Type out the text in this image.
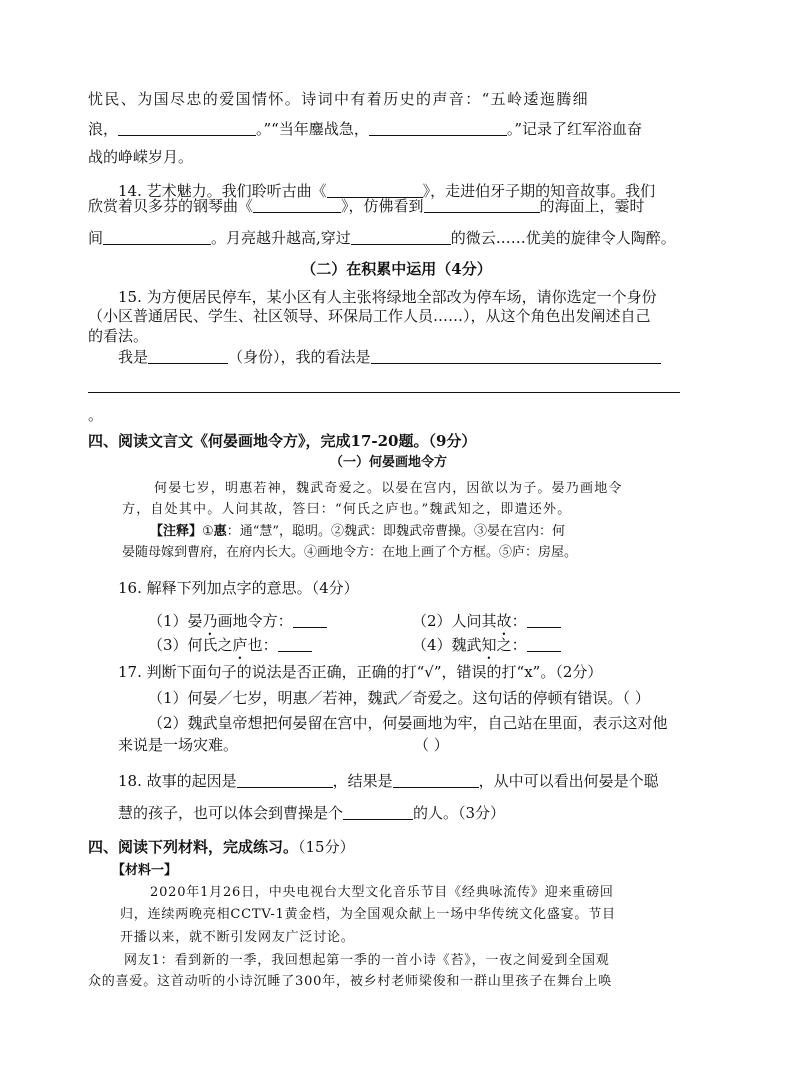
忧民、为国尽忠的爱国情怀。诗词中有着历史的声音：“五岭逶迤腾细
浪，	。”“当年鏖战急，	。”记录了红军浴血奋
战的峥嵘岁月。
14. 艺术魅力。我们聆听古曲《	》，走进伯牙子期的知音故事。我们
欣赏着贝多芬的钢琴曲《	》，仿佛看到	的海面上，霎时
间	。月亮越升越高,穿过	的微云……优美的旋律令人陶醉。
（二）在积累中运用（4分）
15. 为方便居民停车，某小区有人主张将绿地全部改为停车场，请你选定一个身份
（小区普通居民、学生、社区领导、环保局工作人员……），从这个角色出发阐述自己
的看法。
我是	（身份），我的看法是
。
四、阅读文言文《何晏画地令方》，完成17-20题。（9分）
（一）何晏画地令方
何晏七岁，明惠若神，魏武奇爱之。以晏在宫内，因欲以为子。晏乃画地令
方，自处其中。人问其故，答曰：“何氏之庐也。”魏武知之，即遣还外。
【注释】①惠：通“慧”，聪明。②魏武：即魏武帝曹操。③晏在宫内：何
晏随母嫁到曹府，在府内长大。④画地令方：在地上画了个方框。⑤庐：房屋。
16. 解释下列加点字的意思。（4分）
（1）晏乃画地令方：	（2）人问其故：
（3）何氏之庐也：	（4）魏武知之：
17. 判断下面句子的说法是否正确，正确的打“√”，错误的打“x”。（2分）
（1）何晏／七岁，明惠／若神，魏武／奇爱之。这句话的停顿有错误。（ ）
（2）魏武皇帝想把何晏留在宫中，何晏画地为牢，自己站在里面，表示这对他
来说是一场灾难。	（ ）
18. 故事的起因是	，结果是	，从中可以看出何晏是个聪
慧的孩子，也可以体会到曹操是个	的人。（3分）
四、阅读下列材料，完成练习。（15分）
【材料一】
2020年1月26日，中央电视台大型文化音乐节目《经典咏流传》迎来重磅回
归，连续两晚亮相CCTV-1黄金档，为全国观众献上一场中华传统文化盛宴。节目
开播以来，就不断引发网友广泛讨论。
网友1：看到新的一季，我回想起第一季的一首小诗《苔》，一夜之间爱到全国观
众的喜爱。这首动听的小诗沉睡了300年，被乡村老师梁俊和一群山里孩子在舞台上唤
